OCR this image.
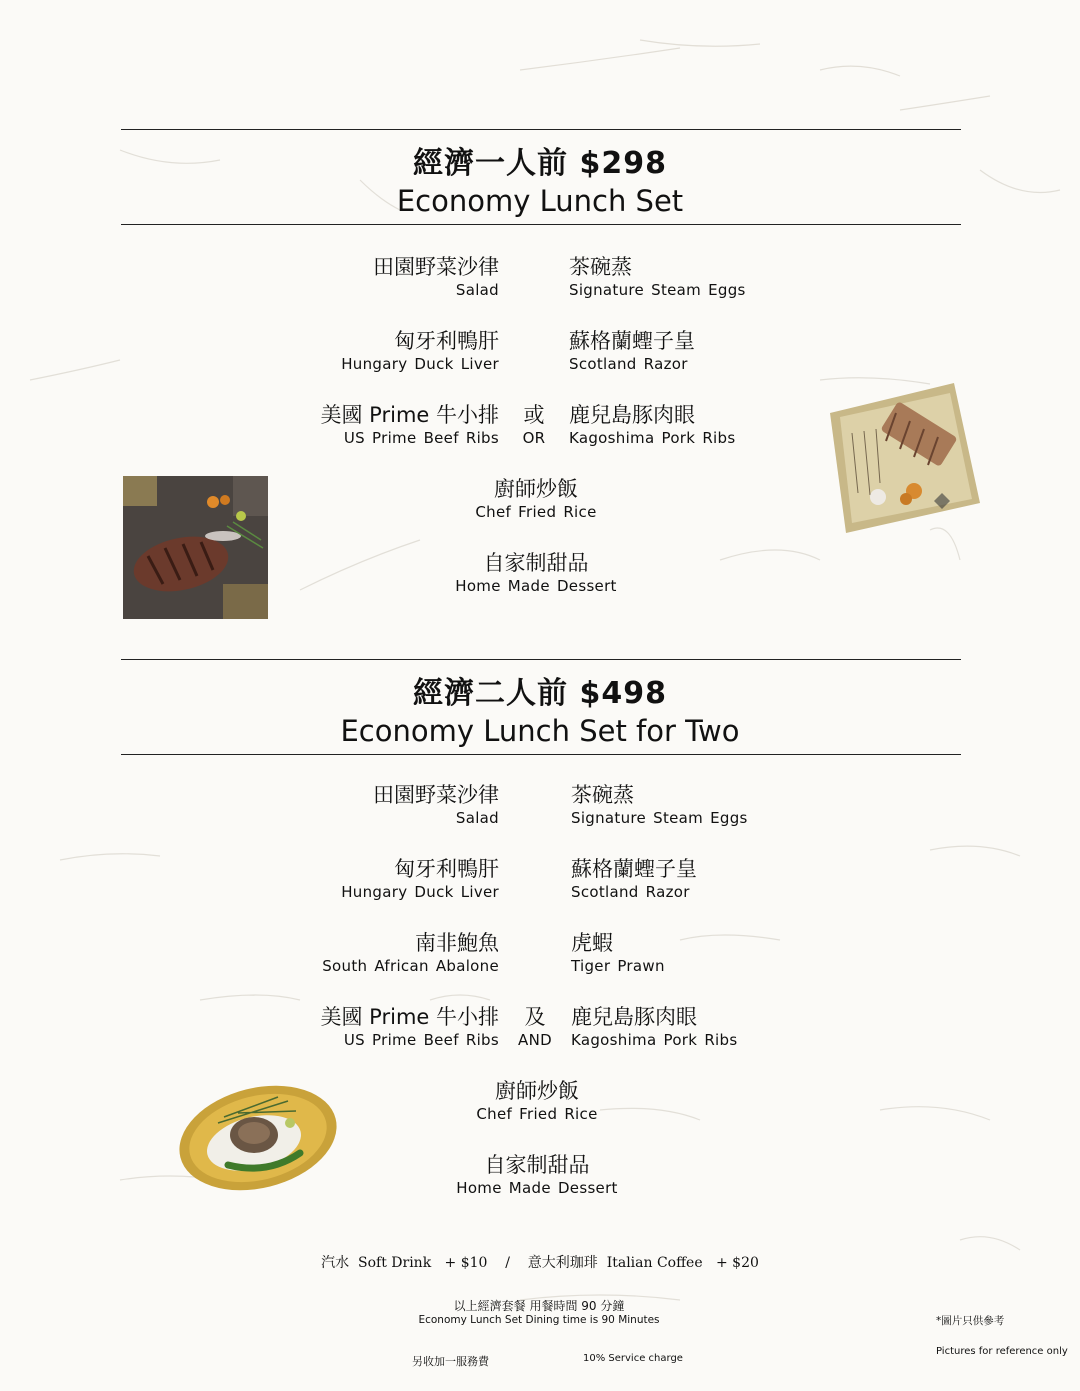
經濟一人前 $298
Economy Lunch Set
田園野菜沙律
Salad
茶碗蒸
Signature Steam Eggs
匈牙利鴨肝
Hungary Duck Liver
蘇格蘭蟶子皇
Scotland Razor
美國 Prime 牛小排
US Prime Beef Ribs
或
OR
鹿兒島豚肉眼
Kagoshima Pork Ribs
廚師炒飯
Chef Fried Rice
自家制甜品
Home Made Dessert
經濟二人前 $498
Economy Lunch Set for Two
田園野菜沙律
Salad
茶碗蒸
Signature Steam Eggs
匈牙利鴨肝
Hungary Duck Liver
蘇格蘭蟶子皇
Scotland Razor
南非鮑魚
South African Abalone
虎蝦
Tiger Prawn
美國 Prime 牛小排
US Prime Beef Ribs
及
AND
鹿兒島豚肉眼
Kagoshima Pork Ribs
廚師炒飯
Chef Fried Rice
自家制甜品
Home Made Dessert
汽水 Soft Drink + $10 / 意大利珈琲 Italian Coffee + $20
以上經濟套餐 用餐時間 90 分鐘
Economy Lunch Set Dining time is 90 Minutes
另收加一服務費	10% Service charge
*圖片只供參考
Pictures for reference only
